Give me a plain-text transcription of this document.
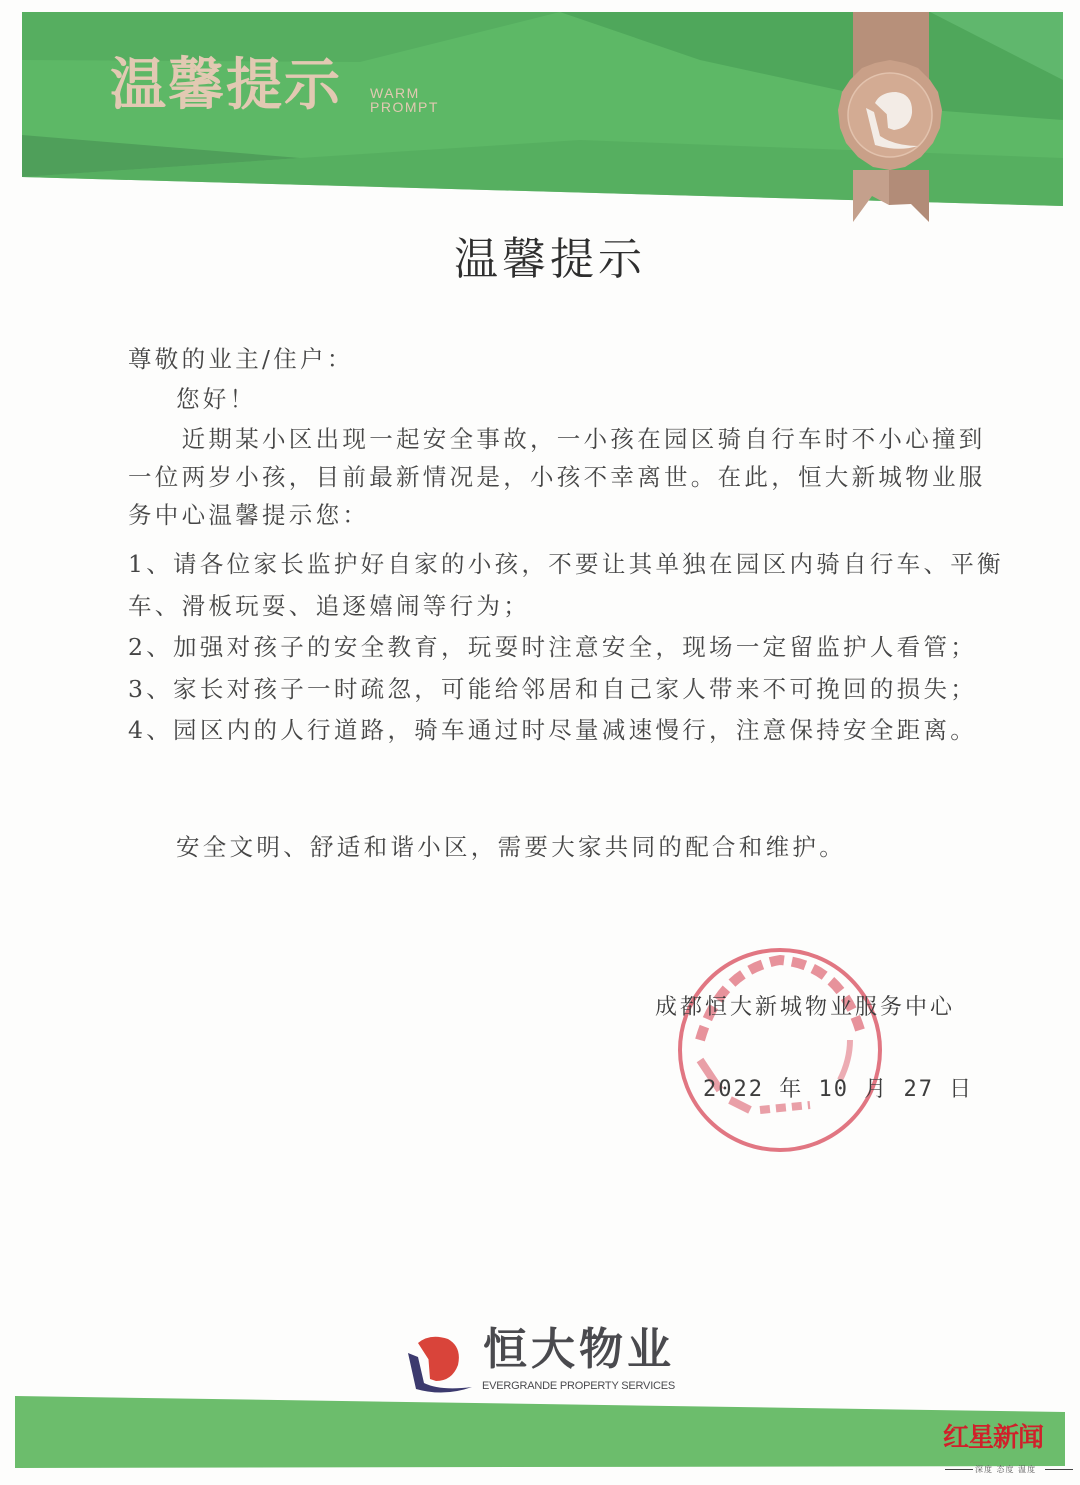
温馨提示 WARM
PROMPT
温馨提示
尊敬的业主/住户：
您好！
　　近期某小区出现一起安全事故，一小孩在园区骑自行车时不小心撞到
一位两岁小孩，目前最新情况是，小孩不幸离世。在此，恒大新城物业服
务中心温馨提示您：
1、请各位家长监护好自家的小孩，不要让其单独在园区内骑自行车、平衡
车、滑板玩耍、追逐嬉闹等行为；
2、加强对孩子的安全教育，玩耍时注意安全，现场一定留监护人看管；
3、家长对孩子一时疏忽，可能给邻居和自己家人带来不可挽回的损失；
4、园区内的人行道路，骑车通过时尽量减速慢行，注意保持安全距离。
安全文明、舒适和谐小区，需要大家共同的配合和维护。
成都恒大新城物业服务中心
2022 年 10 月 27 日
恒大物业
EVERGRANDE PROPERTY SERVICES
红星新闻
深度 态度 温度
